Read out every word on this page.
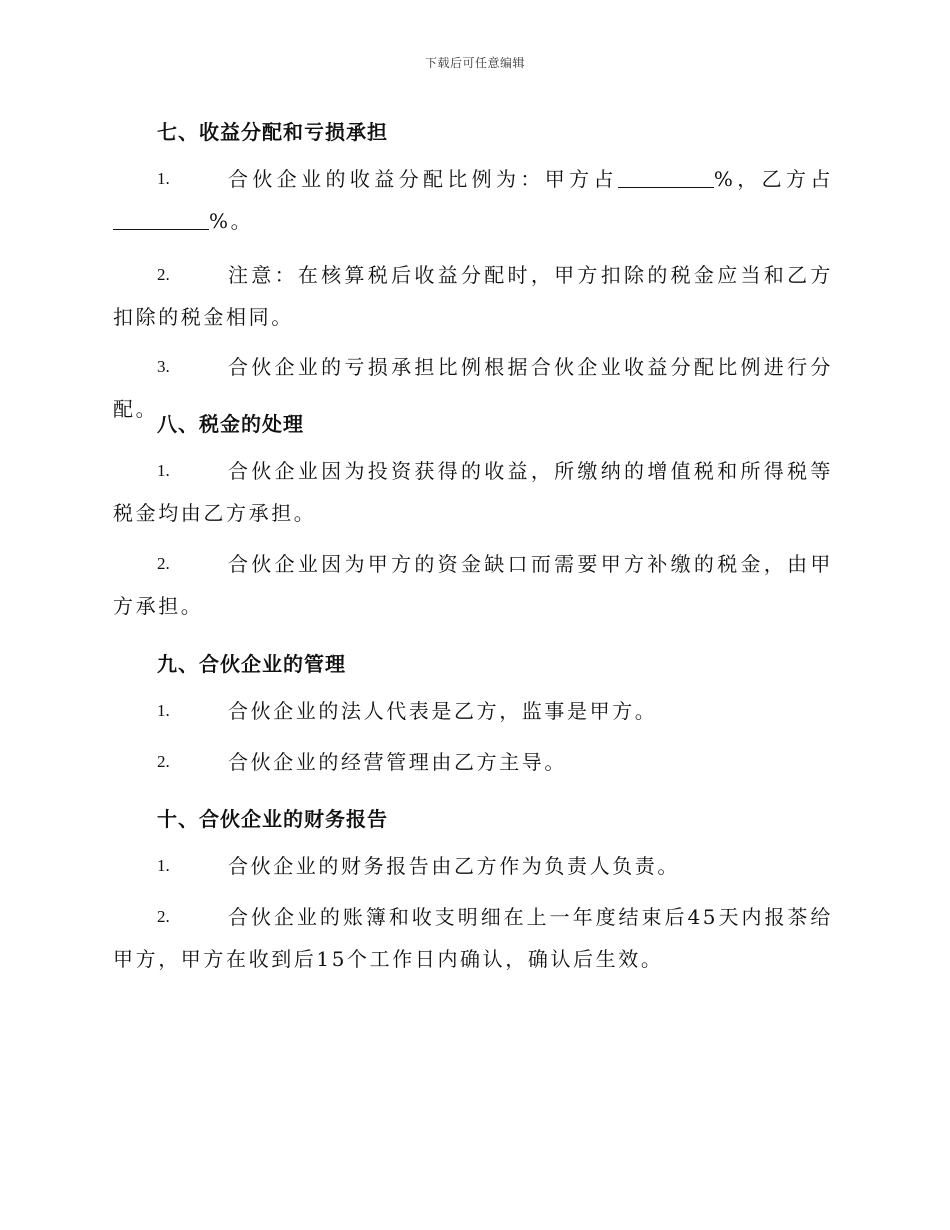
下载后可任意编辑
七、收益分配和亏损承担
1.	合伙企业的收益分配比例为：甲方占	%，乙方占 %。
2.	注意：在核算税后收益分配时，甲方扣除的税金应当和乙方扣除的税金相同。
3.	合伙企业的亏损承担比例根据合伙企业收益分配比例进行分配。
八、税金的处理
1.	合伙企业因为投资获得的收益，所缴纳的增值税和所得税等税金均由乙方承担。
2.	合伙企业因为甲方的资金缺口而需要甲方补缴的税金，由甲方承担。
九、合伙企业的管理
1.	合伙企业的法人代表是乙方，监事是甲方。
2.	合伙企业的经营管理由乙方主导。
十、合伙企业的财务报告
1.	合伙企业的财务报告由乙方作为负责人负责。
2.	合伙企业的账簿和收支明细在上一年度结束后45天内报茶给甲方，甲方在收到后15个工作日内确认，确认后生效。
